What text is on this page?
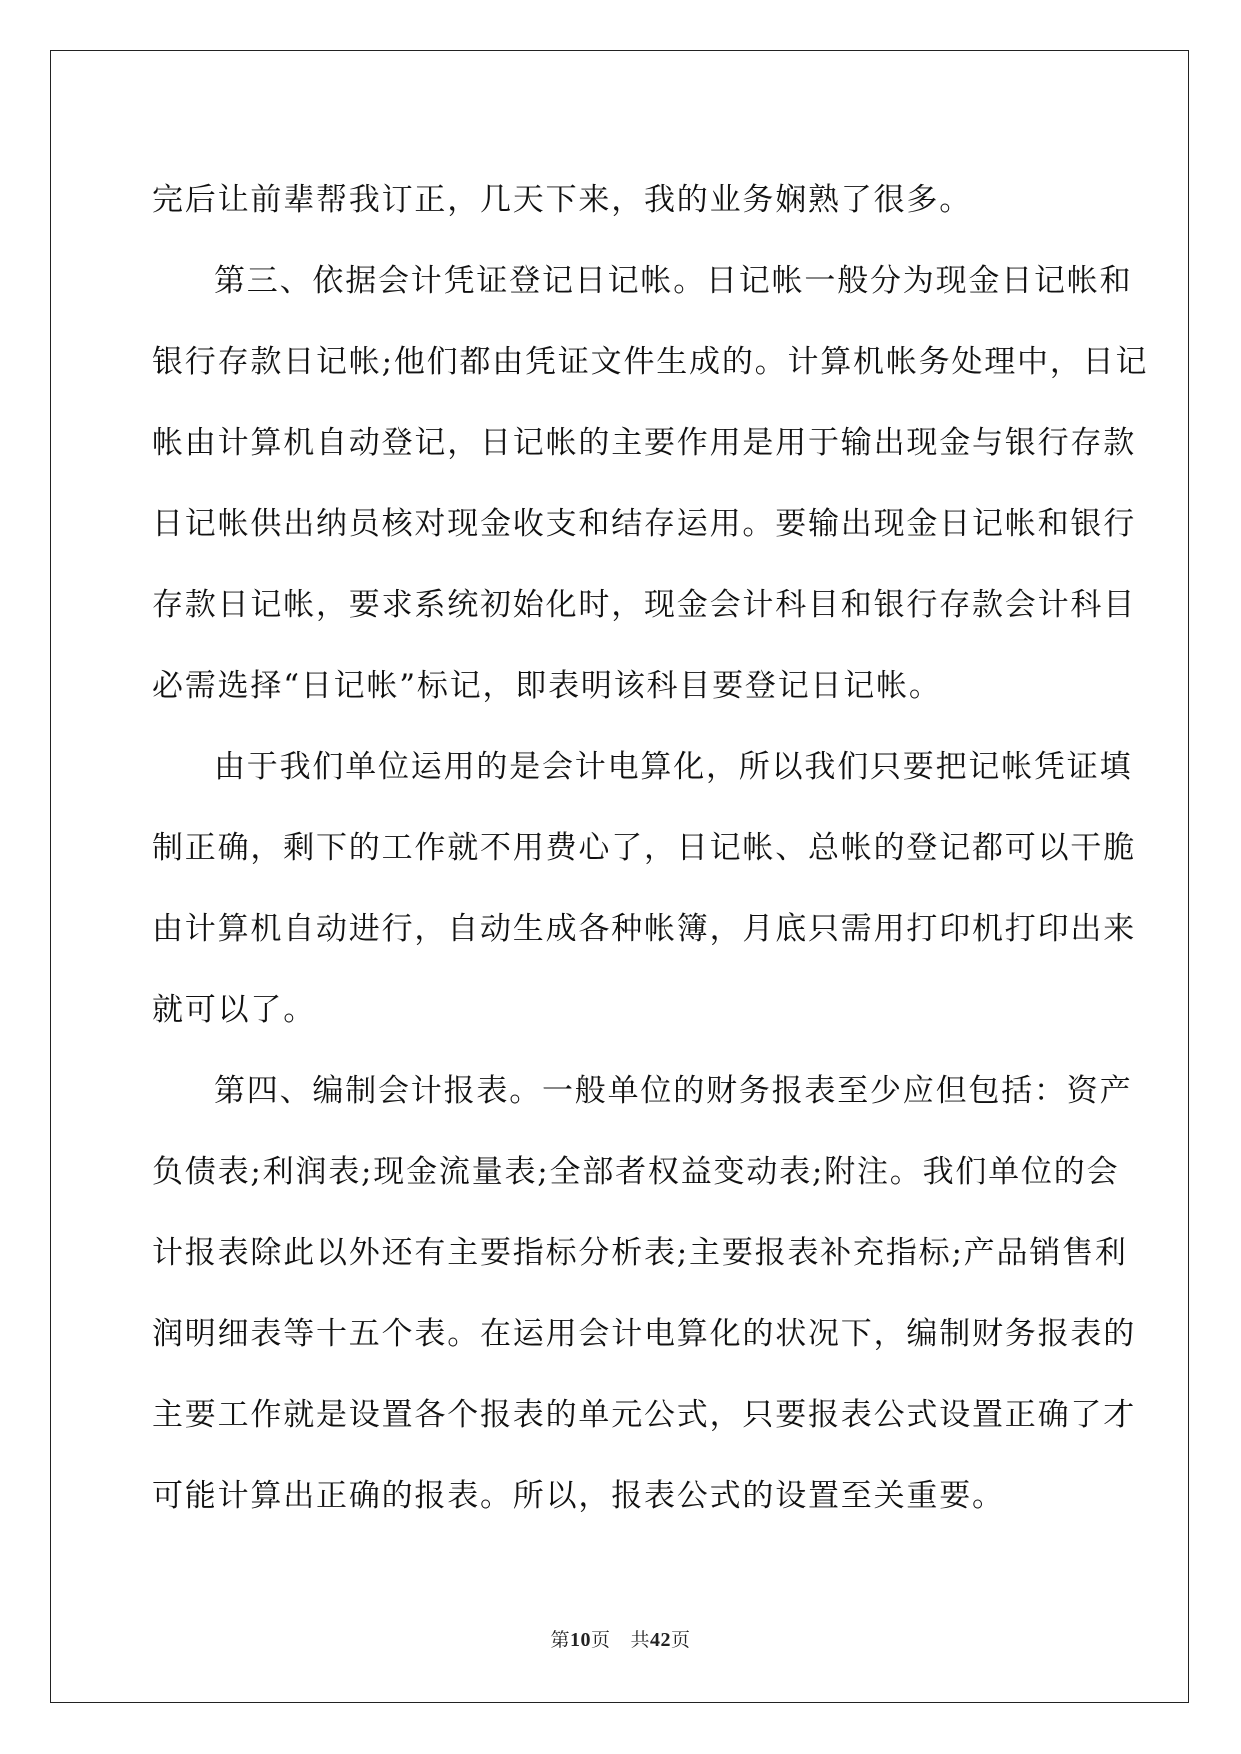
完后让前辈帮我订正，几天下来，我的业务娴熟了很多。
第三、依据会计凭证登记日记帐。日记帐一般分为现金日记帐和
银行存款日记帐;他们都由凭证文件生成的。计算机帐务处理中，日记
帐由计算机自动登记，日记帐的主要作用是用于输出现金与银行存款
日记帐供出纳员核对现金收支和结存运用。要输出现金日记帐和银行
存款日记帐，要求系统初始化时，现金会计科目和银行存款会计科目
必需选择“日记帐”标记，即表明该科目要登记日记帐。
由于我们单位运用的是会计电算化，所以我们只要把记帐凭证填
制正确，剩下的工作就不用费心了，日记帐、总帐的登记都可以干脆
由计算机自动进行，自动生成各种帐簿，月底只需用打印机打印出来
就可以了。
第四、编制会计报表。一般单位的财务报表至少应但包括：资产
负债表;利润表;现金流量表;全部者权益变动表;附注。我们单位的会
计报表除此以外还有主要指标分析表;主要报表补充指标;产品销售利
润明细表等十五个表。在运用会计电算化的状况下，编制财务报表的
主要工作就是设置各个报表的单元公式，只要报表公式设置正确了才
可能计算出正确的报表。所以，报表公式的设置至关重要。
第10页 共42页
